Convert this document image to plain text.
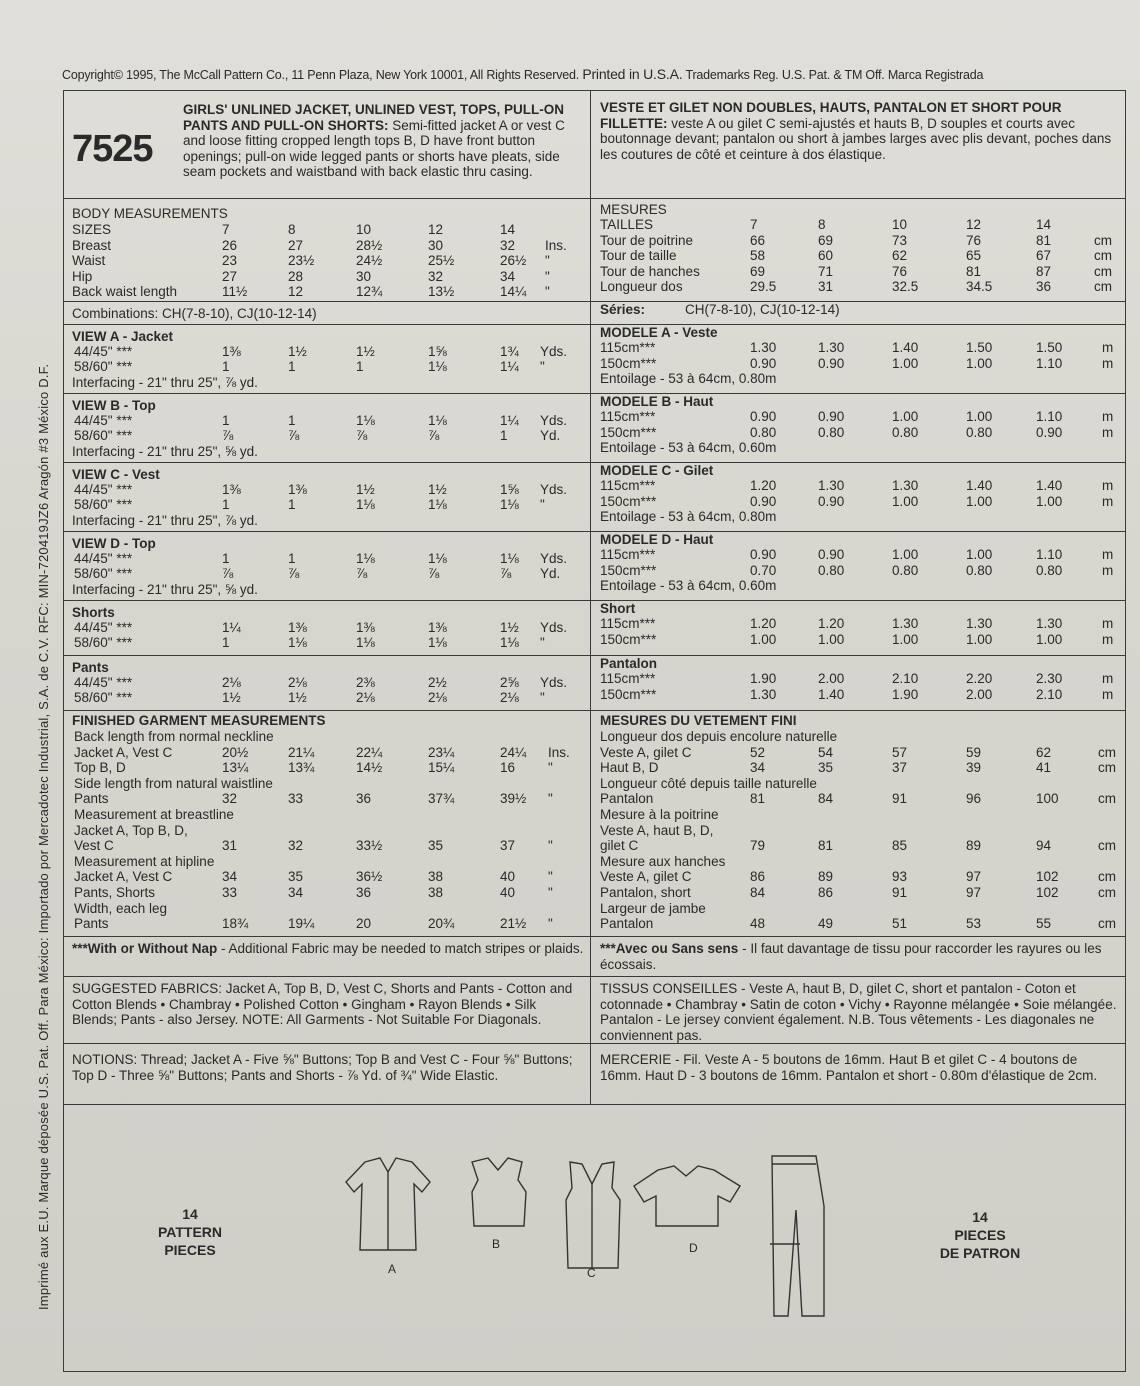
Copyright© 1995, The McCall Pattern Co., 11 Penn Plaza, New York 10001, All Rights Reserved. Printed in U.S.A. Trademarks Reg. U.S. Pat. & TM Off. Marca Registrada
Imprimé aux E.U. Marque déposée U.S. Pat. Off. Para México: Importado por Mercadotec Industrial, S.A. de C.V. RFC: MIN-720419JZ6 Aragón #3 México D.F.
7525
GIRLS' UNLINED JACKET, UNLINED VEST, TOPS, PULL-ON PANTS AND PULL-ON SHORTS: Semi-fitted jacket A or vest C and loose fitting cropped length tops B, D have front button openings; pull-on wide legged pants or shorts have pleats, side seam pockets and waistband with back elastic thru casing.
VESTE ET GILET NON DOUBLES, HAUTS, PANTALON ET SHORT POUR FILLETTE: veste A ou gilet C semi-ajustés et hauts B, D souples et courts avec boutonnage devant; pantalon ou short à jambes larges avec plis devant, poches dans les coutures de côté et ceinture à dos élastique.
BODY MEASUREMENTS
SIZES	7	8	10	12	14
Breast	26	27	28½	30	32 Ins.
Waist	23	23½	24½	25½	26½ "
Hip	27	28	30	32	34 "
Back waist length	11½	12	12¾	13½	14¼ "
MESURES
TAILLES	7	8	10	12	14
Tour de poitrine	66	69	73	76	81	cm
Tour de taille	58	60	62	65	67	cm
Tour de hanches	69	71	76	81	87	cm
Longueur dos	29.5	31	32.5	34.5	36	cm
Combinations: CH(7-8-10), CJ(10-12-14)	Séries:	CH(7-8-10), CJ(10-12-14)
VIEW A - Jacket
44/45" ***	1⅜	1½	1½	1⅝	1¾ Yds.
58/60" ***	1	1	1	1⅛	1¼ "
Interfacing - 21" thru 25", ⅞ yd.
VIEW B - Top
44/45" ***	1	1	1⅛	1⅛	1¼ Yds.
58/60" ***	⅞	⅞	⅞	⅞	1 Yd.
Interfacing - 21" thru 25", ⅝ yd.
VIEW C - Vest
44/45" ***	1⅜	1⅜	1½	1½	1⅝ Yds.
58/60" ***	1	1	1⅛	1⅛	1⅛ "
Interfacing - 21" thru 25", ⅞ yd.
VIEW D - Top
44/45" ***	1	1	1⅛	1⅛	1⅛ Yds.
58/60" ***	⅞	⅞	⅞	⅞	⅞ Yd.
Interfacing - 21" thru 25", ⅝ yd.
Shorts
44/45" ***	1¼	1⅜	1⅜	1⅜	1½ Yds.
58/60" ***	1	1⅛	1⅛	1⅛	1⅛ "
Pants
44/45" ***	2⅛	2⅛	2⅜	2½	2⅝ Yds.
58/60" ***	1½	1½	2⅛	2⅛	2⅛ "
MODELE A - Veste
115cm***	1.30	1.30	1.40	1.50	1.50	m
150cm***	0.90	0.90	1.00	1.00	1.10	m
Entoilage - 53 à 64cm, 0.80m
MODELE B - Haut
115cm***	0.90	0.90	1.00	1.00	1.10	m
150cm***	0.80	0.80	0.80	0.80	0.90	m
Entoilage - 53 à 64cm, 0.60m
MODELE C - Gilet
115cm***	1.20	1.30	1.30	1.40	1.40	m
150cm***	0.90	0.90	1.00	1.00	1.00	m
Entoilage - 53 à 64cm, 0.80m
MODELE D - Haut
115cm***	0.90	0.90	1.00	1.00	1.10	m
150cm***	0.70	0.80	0.80	0.80	0.80	m
Entoilage - 53 à 64cm, 0.60m
Short
115cm***	1.20	1.20	1.30	1.30	1.30	m
150cm***	1.00	1.00	1.00	1.00	1.00	m
Pantalon
115cm***	1.90	2.00	2.10	2.20	2.30	m
150cm***	1.30	1.40	1.90	2.00	2.10	m
FINISHED GARMENT MEASUREMENTS
Back length from normal neckline
Jacket A, Vest C	20½	21¼	22¼	23¼	24¼ Ins.
Top B, D	13¼	13¾	14½	15¼	16 "
Side length from natural waistline
Pants	32	33	36	37¾	39½ "
Measurement at breastline
Jacket A, Top B, D,
Vest C	31	32	33½	35	37 "
Measurement at hipline
Jacket A, Vest C	34	35	36½	38	40 "
Pants, Shorts	33	34	36	38	40 "
Width, each leg
Pants	18¾	19¼	20	20¾	21½ "
MESURES DU VETEMENT FINI
Longueur dos depuis encolure naturelle
Veste A, gilet C	52	54	57	59	62	cm
Haut B, D	34	35	37	39	41	cm
Longueur côté depuis taille naturelle
Pantalon	81	84	91	96	100	cm
Mesure à la poitrine
Veste A, haut B, D,
gilet C	79	81	85	89	94	cm
Mesure aux hanches
Veste A, gilet C	86	89	93	97	102	cm
Pantalon, short	84	86	91	97	102	cm
Largeur de jambe
Pantalon	48	49	51	53	55	cm
***With or Without Nap - Additional Fabric may be needed to match stripes or plaids. ***Avec ou Sans sens - Il faut davantage de tissu pour raccorder les rayures ou les écossais.
SUGGESTED FABRICS: Jacket A, Top B, D, Vest C, Shorts and Pants - Cotton and Cotton Blends • Chambray • Polished Cotton • Gingham • Rayon Blends • Silk Blends; Pants - also Jersey. NOTE: All Garments - Not Suitable For Diagonals.
TISSUS CONSEILLES - Veste A, haut B, D, gilet C, short et pantalon - Coton et cotonnade • Chambray • Satin de coton • Vichy • Rayonne mélangée • Soie mélangée. Pantalon - Le jersey convient également. N.B. Tous vêtements - Les diagonales ne conviennent pas.
NOTIONS: Thread; Jacket A - Five ⅝" Buttons; Top B and Vest C - Four ⅝" Buttons; Top D - Three ⅝" Buttons; Pants and Shorts - ⅞ Yd. of ¾" Wide Elastic.
MERCERIE - Fil. Veste A - 5 boutons de 16mm. Haut B et gilet C - 4 boutons de 16mm. Haut D - 3 boutons de 16mm. Pantalon et short - 0.80m d'élastique de 2cm.
14
PATTERN
PIECES
14
PIECES
DE PATRON
A
B
C
D
